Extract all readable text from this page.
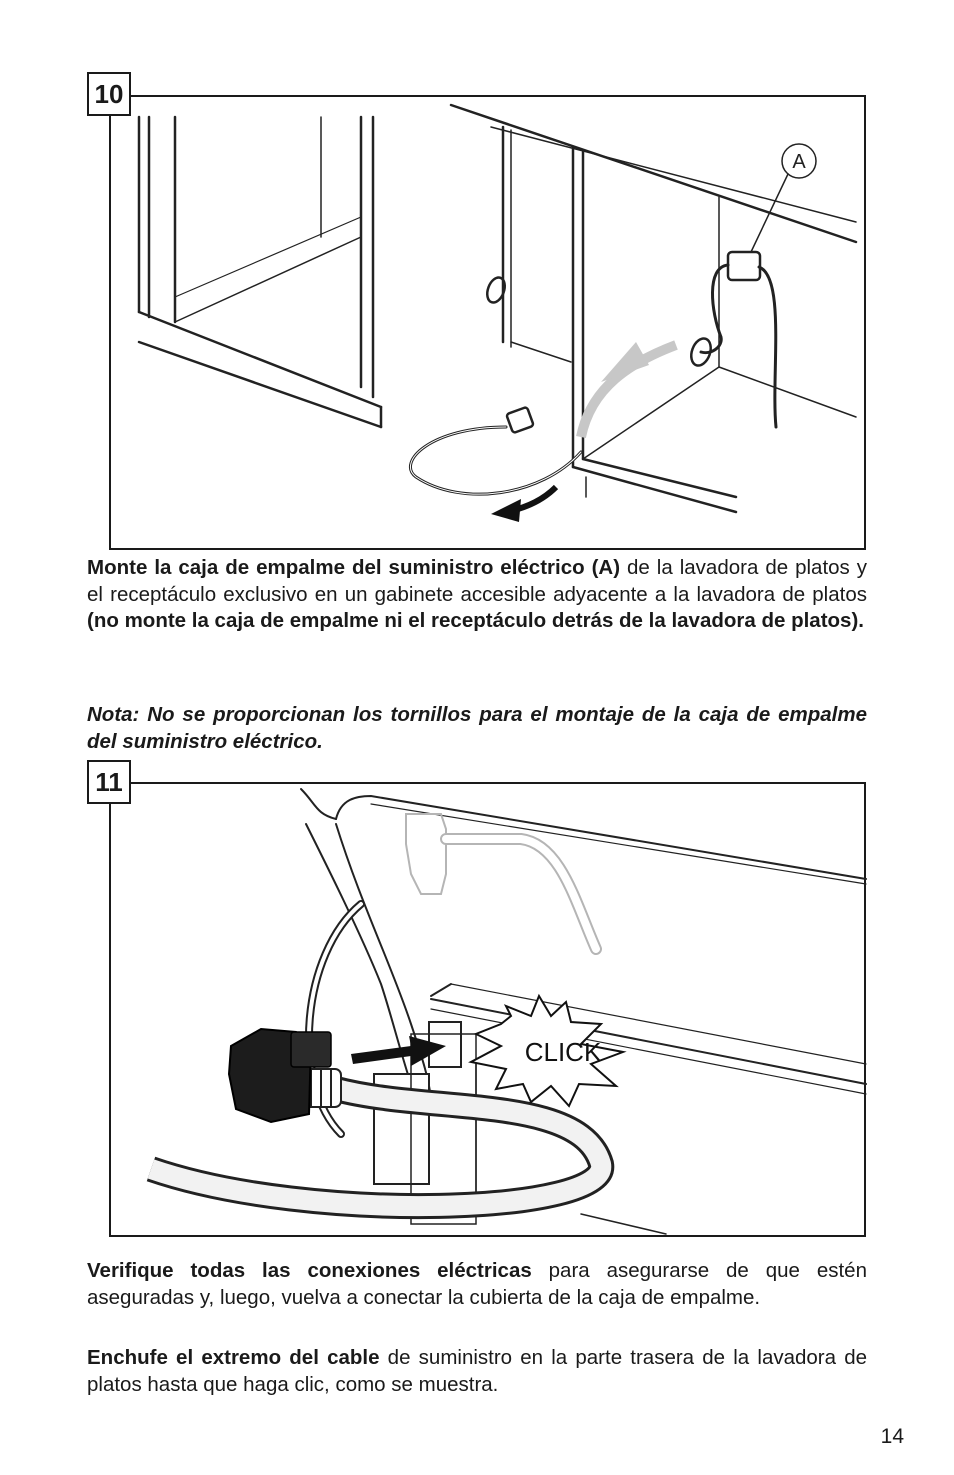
A
10

Monte la caja de empalme del suministro eléctrico (A) de la lavadora de platos y el receptáculo exclusivo en un gabinete accesible adyacente a la lavadora de platos (no monte la caja de empalme ni el receptáculo detrás de la lavadora de platos).

Nota: No se proporcionan los tornillos para el montaje de la caja de empalme del suministro eléctrico.

CLICK
11

Verifique todas las conexiones eléctricas para asegurarse de que estén aseguradas y, luego, vuelva a conectar la cubierta de la caja de empalme.

Enchufe el extremo del cable de suministro en la parte trasera de la lavadora de platos hasta que haga clic, como se muestra.

14
